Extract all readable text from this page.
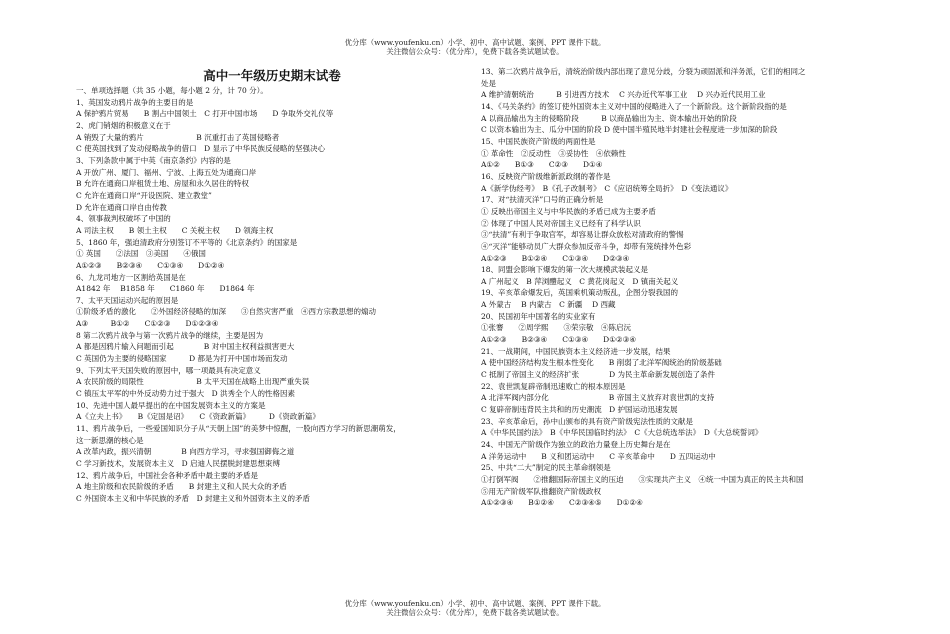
优分库（www.youfenku.cn）小学、初中、高中试题、案例、PPT 课件下载。
关注微信公众号：（优分库），免费下载各类试题试卷。
高中一年级历史期末试卷
一、单项选择题（共 35 小题，每小题 2 分，计 70 分）。
1、英国发动鸦片战争的主要目的是
A 保护鸦片贸易　　B 割占中国领土　C 打开中国市场　　D 争取外交礼仪等
2、虎门销烟的积极意义在于
A 销毁了大量的鸦片　　　　　　　B 沉重打击了英国侵略者
C 使英国找到了发动侵略战争的借口　D 显示了中华民族反侵略的坚强决心
3、下列条款中属于中英《南京条约》内容的是
A 开放广州、厦门、福州、宁波、上海五处为通商口岸
B 允许在通商口岸租赁土地、房屋和永久居住的特权
C 允许在通商口岸“开设医院、建立教堂”
D 允许在通商口岸自由传教
4、领事裁判权破坏了中国的
A 司法主权　　B 领土主权　　C 关税主权　　D 领海主权
5、1860 年，强迫清政府分别签订不平等的《北京条约》的国家是
① 英国　　②法国　③美国　　④俄国
A①②③　　B②③④　　C①③④　　D①②④
6、九龙司地方一区割给英国是在
A1842 年　 B1858 年　　C1860 年　　D1864 年
7、太平天国运动兴起的原因是
①阶级矛盾的激化　　②外国经济侵略的加深　　③自然灾害严重　④西方宗教思想的煽动
A③　　　B①②　　C①②③　　D①②③④
8 第二次鸦片战争与第一次鸦片战争的继续，主要是因为
A 都是因鸦片输入问题而引起　　　　B 对中国主权利益损害更大
C 英国仍为主要的侵略国家　　　D 都是为打开中国市场而发动
9、下列太平天国失败的原因中，哪一项最具有决定意义
A 农民阶级的局限性　　　　　　　B 太平天国在战略上出现严重失误
C 镇压太平军的中外反动势力过于强大　D 洪秀全个人的性格因素
10、先进中国人最早提出的在中国发展资本主义的方案是
A《立夫上书》　　B《定国是诏》　　C《资政新篇》　　　D《资政新篇》
11、鸦片战争后，一些爱国知识分子从“天朝上国”的美梦中惊醒，一股向西方学习的新思潮萌发，
这一新思潮的核心是
A 改革内政，振兴清朝　　　　B 向西方学习，寻求强国御侮之道
C 学习新技术，发展资本主义　D 启迪人民摆脱封建思想束缚
12、鸦片战争后，中国社会各种矛盾中最主要的矛盾是
A 地主阶级和农民阶级的矛盾　　B 封建主义和人民大众的矛盾
C 外国资本主义和中华民族的矛盾　D 封建主义和外国资本主义的矛盾
13、第二次鸦片战争后，清统治阶级内部出现了意见分歧，分裂为顽固派和洋务派，它们的相同之
处是
A 维护清朝统治　　　B 引进西方技术　 C 兴办近代军事工业　 D 兴办近代民用工业
14、《马关条约》的签订使外国资本主义对中国的侵略进入了一个新阶段。这个新阶段指的是
A 以商品输出为主的侵略阶段　　　B 以商品输出为主、资本输出开始的阶段
C 以资本输出为主、瓜分中国的阶段 D 使中国半殖民地半封建社会程度进一步加深的阶段
15、中国民族资产阶级的两面性是
① 革命性　②反动性　③妥协性　④依赖性
A①②　　B①③　　C②③　　D①④
16、反映资产阶级维新派政纲的著作是
A《新学伪经考》　B《孔子改制考》　C《应诏统筹全局折》　D《变法通议》
17、对“扶清灭洋”口号的正确分析是
① 反映出帝国主义与中华民族的矛盾已成为主要矛盾
② 体现了中国人民对帝国主义已经有了科学认识
③“扶清”有利于争取官军，却容易让群众放松对清政府的警惕
④“灭洋”能够动员广大群众参加反帝斗争，却带有笼统排外色彩
A①②③　　B①②④　　C①③④　　D②③④
18、同盟会影响下爆发的第一次大规模武装起义是
A 广州起义　B 萍浏醴起义　C 黄花岗起义　D 镇南关起义
19、辛亥革命爆发后，英国乘机策动叛乱，企图分裂我国的
A 外蒙古　 B 内蒙古　C 新疆　 D 西藏
20、民国初年中国著名的实业家有
①张謇　　②周学熙　　③荣宗敬　④陈启沅
A①②③　　B②③④　　C①③④　　D①②③④
21、一战期间，中国民族资本主义经济进一步发展，结果
A 使中国经济结构发生根本性变化　　B 削弱了北洋军阀统治的阶级基础
C 抵制了帝国主义的经济扩张　　　　D 为民主革命新发展创造了条件
22、袁世凯复辟帝制迅速败亡的根本原因是
A 北洋军阀内部分化　　　　　　　　B 帝国主义放弃对袁世凯的支持
C 复辟帝制违背民主共和的历史潮流　D 护国运动迅速发展
23、辛亥革命后，孙中山颁布的具有资产阶级宪法性质的文献是
A《中华民国约法》　B《中华民国临时约法》　C《大总统选举法》　D《大总统誓词》
24、中国无产阶级作为独立的政治力量登上历史舞台是在
A 洋务运动中　　B 义和团运动中　　C 辛亥革命中　　D 五四运动中
25、中共“二大”制定的民主革命纲领是
①打倒军阀　　②推翻国际帝国主义的压迫　　③实现共产主义　④统一中国为真正的民主共和国
⑤用无产阶级军队推翻资产阶级政权
A①②③④　　B①②④　　C②③④⑤　　D①②④
优分库（www.youfenku.cn）小学、初中、高中试题、案例、PPT 课件下载。
关注微信公众号：（优分库），免费下载各类试题试卷。
